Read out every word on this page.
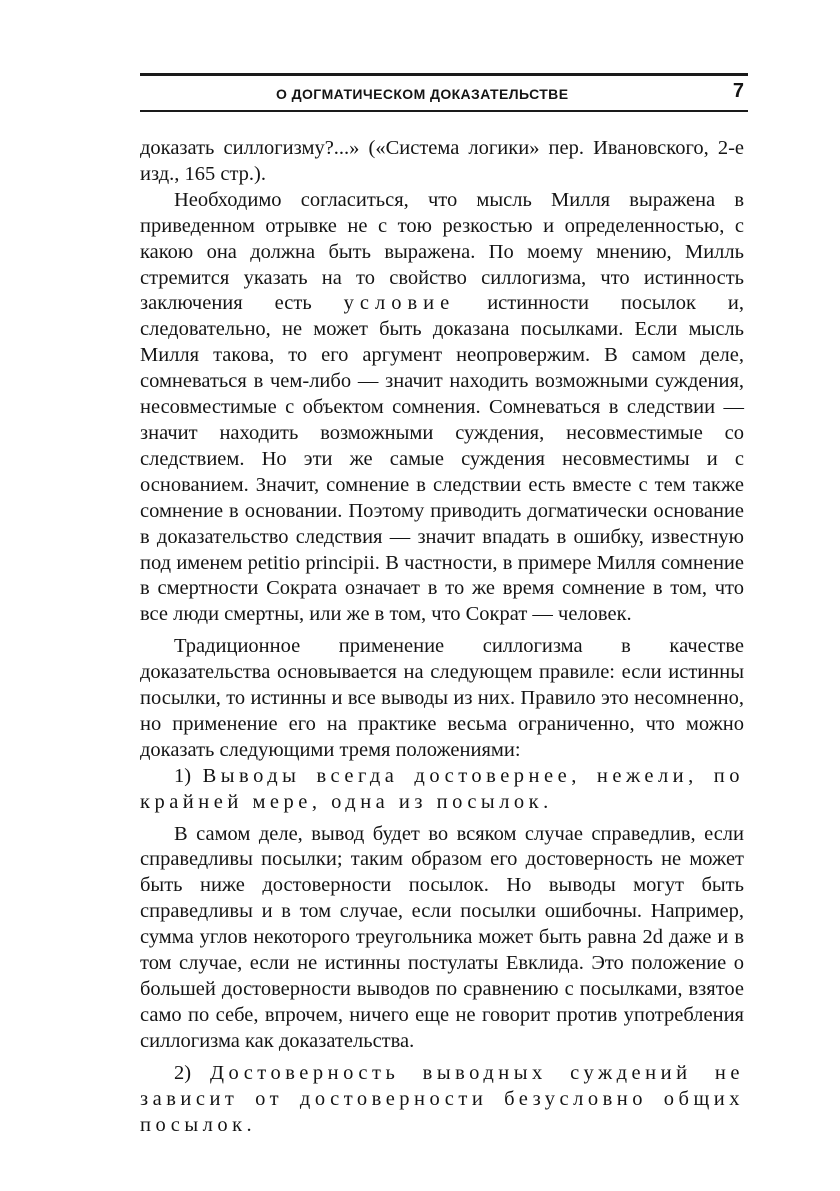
О ДОГМАТИЧЕСКОМ ДОКАЗАТЕЛЬСТВЕ	7

доказать силлогизму?...» («Система логики» пер. Ивановского, 2-е изд., 165 стр.).

Необходимо согласиться, что мысль Милля выражена в приведенном отрывке не с тою резкостью и определенностью, с какою она должна быть выражена. По моему мнению, Милль стремится указать на то свойство силлогизма, что истинность заключения есть условие истинности посылок и, следовательно, не может быть доказана посылками. Если мысль Милля такова, то его аргумент неопровержим. В самом деле, сомневаться в чем-либо — значит находить возможными суждения, несовместимые с объектом сомнения. Сомневаться в следствии — значит находить возможными суждения, несовместимые со следствием. Но эти же самые суждения несовместимы и с основанием. Значит, сомнение в следствии есть вместе с тем также сомнение в основании. Поэтому приводить догматически основание в доказательство следствия — значит впадать в ошибку, известную под именем petitio principii. В частности, в примере Милля сомнение в смертности Сократа означает в то же время сомнение в том, что все люди смертны, или же в том, что Сократ — человек.

Традиционное применение силлогизма в качестве доказательства основывается на следующем правиле: если истинны посылки, то истинны и все выводы из них. Правило это несомненно, но применение его на практике весьма ограниченно, что можно доказать следующими тремя положениями:

1) Выводы всегда достовернее, нежели, по крайней мере, одна из посылок.

В самом деле, вывод будет во всяком случае справедлив, если справедливы посылки; таким образом его достоверность не может быть ниже достоверности посылок. Но выводы могут быть справедливы и в том случае, если посылки ошибочны. Например, сумма углов некоторого треугольника может быть равна 2d даже и в том случае, если не истинны постулаты Евклида. Это положение о большей достоверности выводов по сравнению с посылками, взятое само по себе, впрочем, ничего еще не говорит против употребления силлогизма как доказательства.

2) Достоверность выводных суждений не зависит от достоверности безусловно общих посылок.
